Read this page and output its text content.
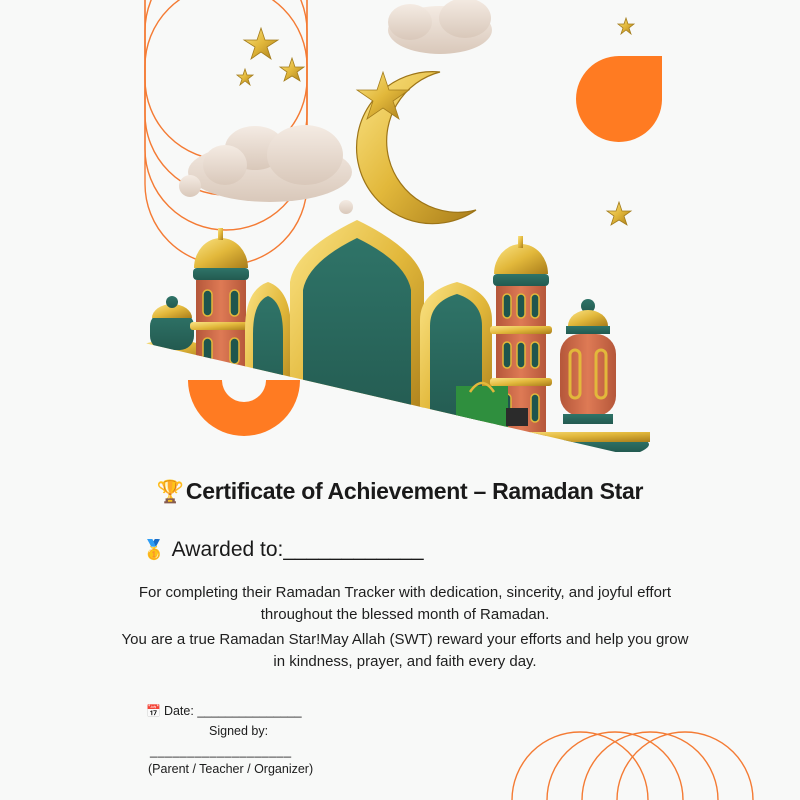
🏆Certificate of Achievement – Ramadan Star
🥇 Awarded to:____________
For completing their Ramadan Tracker with dedication, sincerity, and joyful effort throughout the blessed month of Ramadan.
You are a true Ramadan Star!May Allah (SWT) reward your efforts and help you grow in kindness, prayer, and faith every day.
📅 Date: _______________
Signed by:
___________________
(Parent / Teacher / Organizer)
